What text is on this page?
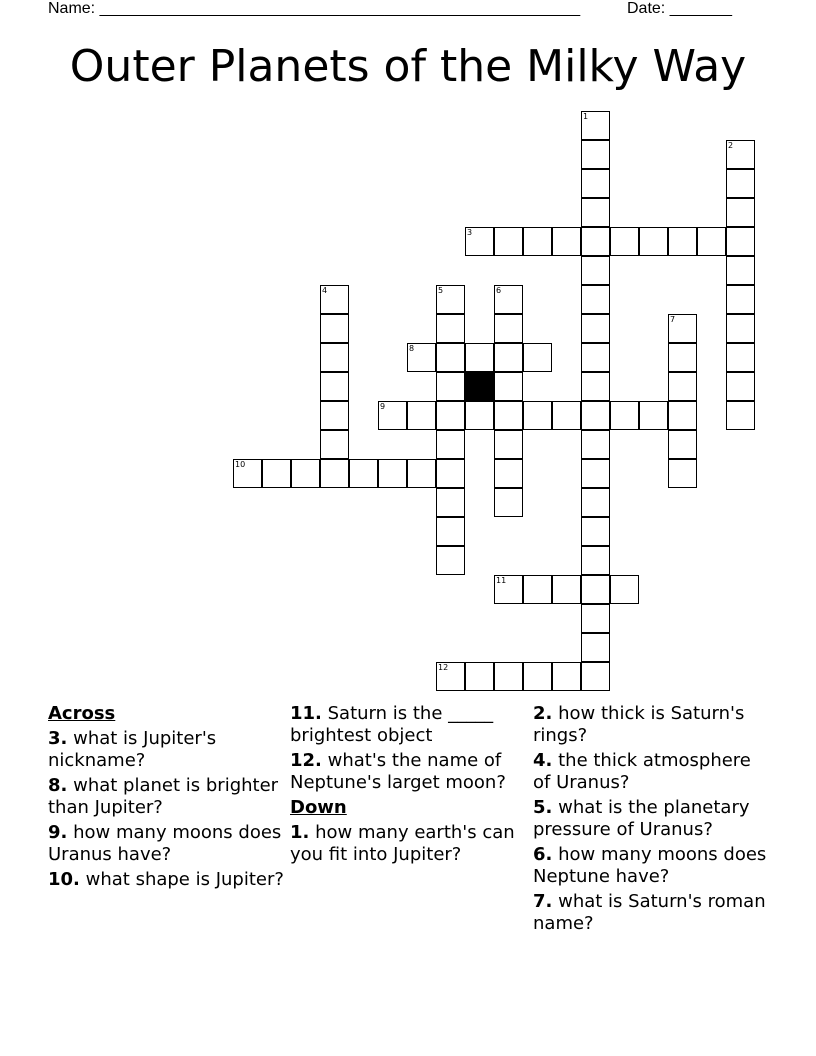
Name: ______________________________________________________	Date: _______
Outer Planets of the Milky Way
1
2
3
4	5	6
7
8
9
10
11
12
Across
3. what is Jupiter's nickname?
8. what planet is brighter than Jupiter?
9. how many moons does Uranus have?
10. what shape is Jupiter?
11. Saturn is the _____ brightest object
12. what's the name of Neptune's larget moon?
Down
1. how many earth's can you fit into Jupiter?
2. how thick is Saturn's rings?
4. the thick atmosphere of Uranus?
5. what is the planetary pressure of Uranus?
6. how many moons does Neptune have?
7. what is Saturn's roman name?
